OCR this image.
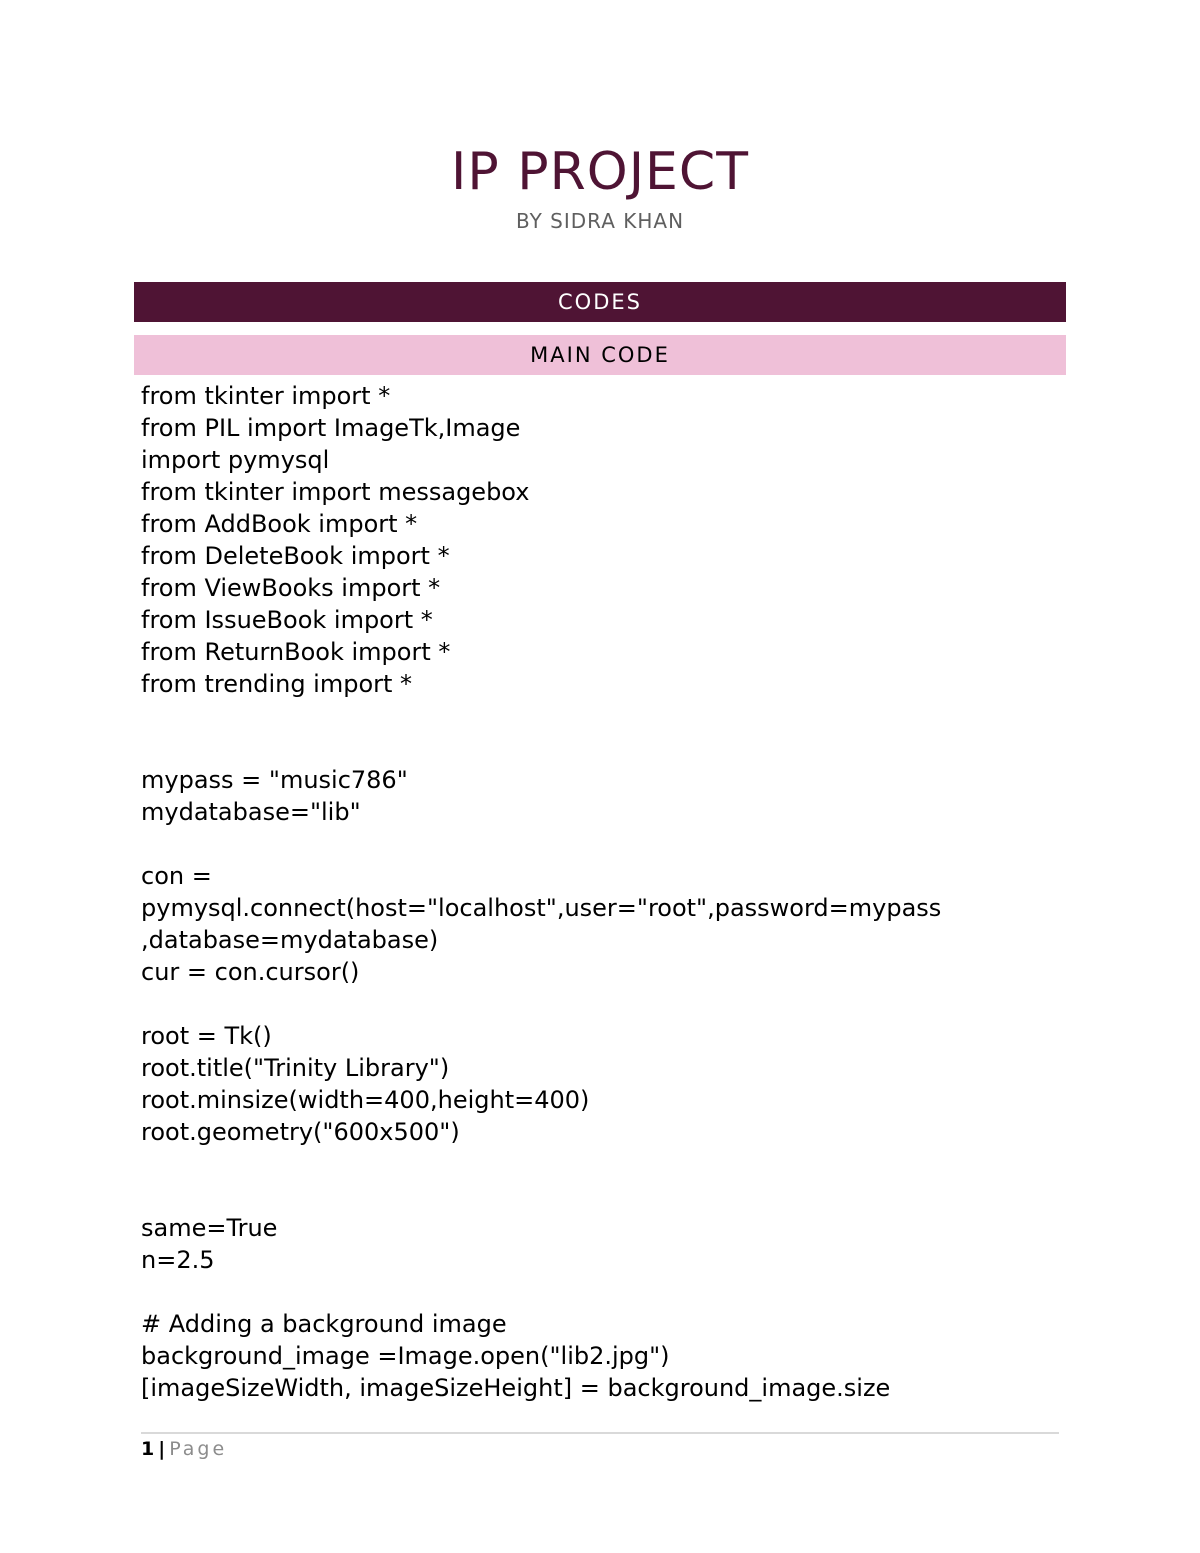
IP PROJECT
BY SIDRA KHAN
CODES
MAIN CODE
from tkinter import *
from PIL import ImageTk,Image
import pymysql
from tkinter import messagebox
from AddBook import *
from DeleteBook import *
from ViewBooks import *
from IssueBook import *
from ReturnBook import *
from trending import *
mypass = "music786"
mydatabase="lib"
con =
pymysql.connect(host="localhost",user="root",password=mypass
,database=mydatabase)
cur = con.cursor()
root = Tk()
root.title("Trinity Library")
root.minsize(width=400,height=400)
root.geometry("600x500")
same=True
n=2.5
# Adding a background image
background_image =Image.open("lib2.jpg")
[imageSizeWidth, imageSizeHeight] = background_image.size
1 | Page
